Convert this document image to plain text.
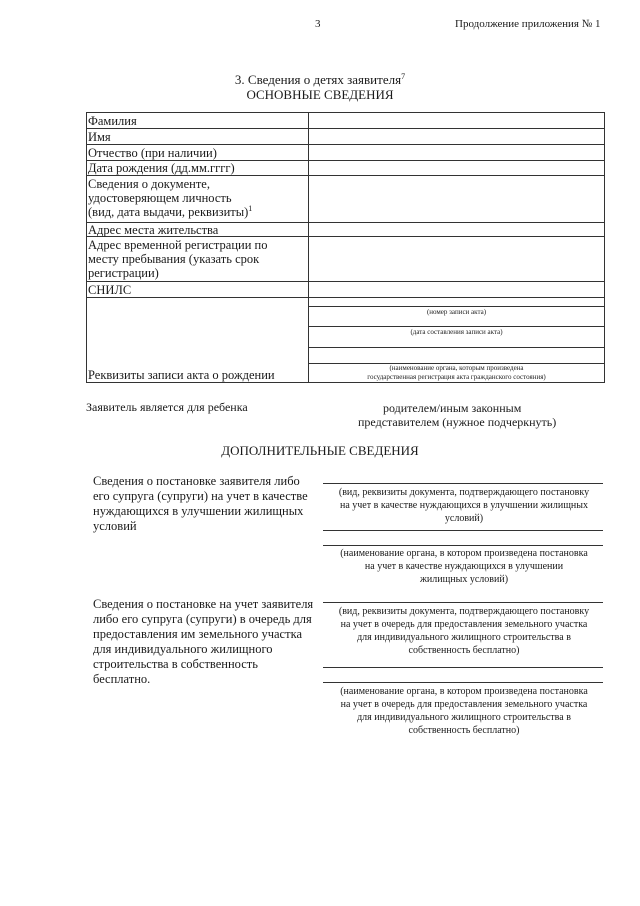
3	Продолжение приложения № 1
3. Сведения о детях заявителя$^7$
ОСНОВНЫЕ СВЕДЕНИЯ
Фамилия
Имя
Отчество (при наличии)
Дата рождения (дд.мм.гггг)
Сведения о документе,
удостоверяющем личность
(вид, дата выдачи, реквизиты)$^1$
Адрес места жительства
Адрес временной регистрации по
месту пребывания (указать срок
регистрации)
СНИЛС
Реквизиты записи акта о рождении
(номер записи акта)
(дата составления записи акта)
(наименование органа, которым произведена
государственная регистрация акта гражданского состояния)
Заявитель является для ребенка	родителем/иным законным
представителем (нужное подчеркнуть)
ДОПОЛНИТЕЛЬНЫЕ СВЕДЕНИЯ
Сведения о постановке заявителя либо
его супруга (супруги) на учет в качестве
нуждающихся в улучшении жилищных
условий
(вид, реквизиты документа, подтверждающего постановку
на учет в качестве нуждающихся в улучшении жилищных
условий)
(наименование органа, в котором произведена постановка
на учет в качестве нуждающихся в улучшении
жилищных условий)
Сведения о постановке на учет заявителя
либо его супруга (супруги) в очередь для
предоставления им земельного участка
для индивидуального жилищного
строительства в собственность
бесплатно.
(вид, реквизиты документа, подтверждающего постановку
на учет в очередь для предоставления земельного участка
для индивидуального жилищного строительства в
собственность бесплатно)
(наименование органа, в котором произведена постановка
на учет в очередь для предоставления земельного участка
для индивидуального жилищного строительства в
собственность бесплатно)
